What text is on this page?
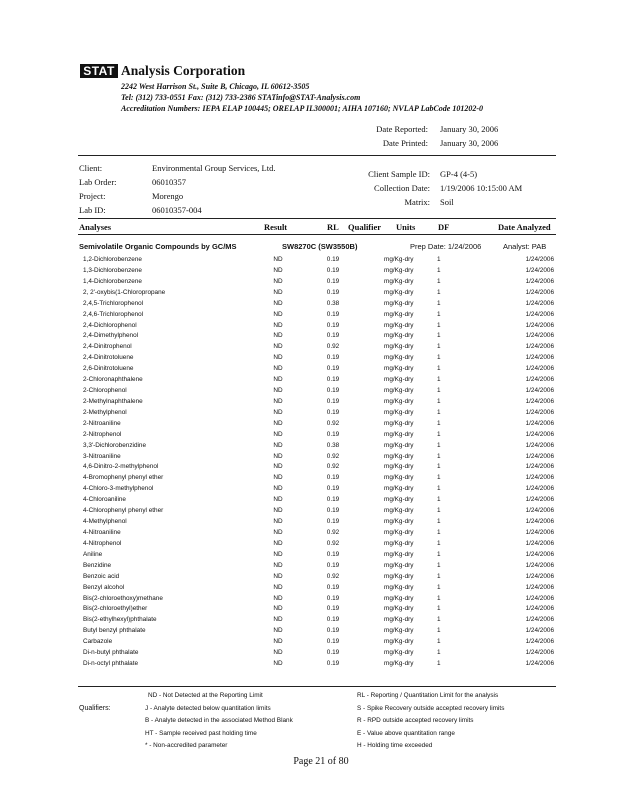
STAT Analysis Corporation
2242 West Harrison St., Suite B, Chicago, IL 60612-3505
Tel: (312) 733-0551 Fax: (312) 733-2386 STATinfo@STAT-Analysis.com
Accreditation Numbers: IEPA ELAP 100445; ORELAP IL300001; AIHA 107160; NVLAP LabCode 101202-0
Date Reported: January 30, 2006
Date Printed: January 30, 2006
Client:	Environmental Group Services, Ltd.
Lab Order:	06010357
Project:	Morengo
Lab ID:	06010357-004
Client Sample ID: GP-4 (4-5)
Collection Date: 1/19/2006 10:15:00 AM
Matrix: Soil
Analyses	Result	RL Qualifier Units	DF	Date Analyzed
Semivolatile Organic Compounds by GC/MS	SW8270C (SW3550B)	Prep Date: 1/24/2006	Analyst: PAB
1,2-Dichlorobenzene	ND	0.19	mg/Kg-dry	1	1/24/2006
1,3-Dichlorobenzene	ND	0.19	mg/Kg-dry	1	1/24/2006
1,4-Dichlorobenzene	ND	0.19	mg/Kg-dry	1	1/24/2006
2, 2'-oxybis(1-Chloropropane	ND	0.19	mg/Kg-dry	1	1/24/2006
2,4,5-Trichlorophenol	ND	0.38	mg/Kg-dry	1	1/24/2006
2,4,6-Trichlorophenol	ND	0.19	mg/Kg-dry	1	1/24/2006
2,4-Dichlorophenol	ND	0.19	mg/Kg-dry	1	1/24/2006
2,4-Dimethylphenol	ND	0.19	mg/Kg-dry	1	1/24/2006
2,4-Dinitrophenol	ND	0.92	mg/Kg-dry	1	1/24/2006
2,4-Dinitrotoluene	ND	0.19	mg/Kg-dry	1	1/24/2006
2,6-Dinitrotoluene	ND	0.19	mg/Kg-dry	1	1/24/2006
2-Chloronaphthalene	ND	0.19	mg/Kg-dry	1	1/24/2006
2-Chlorophenol	ND	0.19	mg/Kg-dry	1	1/24/2006
2-Methylnaphthalene	ND	0.19	mg/Kg-dry	1	1/24/2006
2-Methylphenol	ND	0.19	mg/Kg-dry	1	1/24/2006
2-Nitroaniline	ND	0.92	mg/Kg-dry	1	1/24/2006
2-Nitrophenol	ND	0.19	mg/Kg-dry	1	1/24/2006
3,3'-Dichlorobenzidine	ND	0.38	mg/Kg-dry	1	1/24/2006
3-Nitroaniline	ND	0.92	mg/Kg-dry	1	1/24/2006
4,6-Dinitro-2-methylphenol	ND	0.92	mg/Kg-dry	1	1/24/2006
4-Bromophenyl phenyl ether	ND	0.19	mg/Kg-dry	1	1/24/2006
4-Chloro-3-methylphenol	ND	0.19	mg/Kg-dry	1	1/24/2006
4-Chloroaniline	ND	0.19	mg/Kg-dry	1	1/24/2006
4-Chlorophenyl phenyl ether	ND	0.19	mg/Kg-dry	1	1/24/2006
4-Methylphenol	ND	0.19	mg/Kg-dry	1	1/24/2006
4-Nitroaniline	ND	0.92	mg/Kg-dry	1	1/24/2006
4-Nitrophenol	ND	0.92	mg/Kg-dry	1	1/24/2006
Aniline	ND	0.19	mg/Kg-dry	1	1/24/2006
Benzidine	ND	0.19	mg/Kg-dry	1	1/24/2006
Benzoic acid	ND	0.92	mg/Kg-dry	1	1/24/2006
Benzyl alcohol	ND	0.19	mg/Kg-dry	1	1/24/2006
Bis(2-chloroethoxy)methane	ND	0.19	mg/Kg-dry	1	1/24/2006
Bis(2-chloroethyl)ether	ND	0.19	mg/Kg-dry	1	1/24/2006
Bis(2-ethylhexyl)phthalate	ND	0.19	mg/Kg-dry	1	1/24/2006
Butyl benzyl phthalate	ND	0.19	mg/Kg-dry	1	1/24/2006
Carbazole	ND	0.19	mg/Kg-dry	1	1/24/2006
Di-n-butyl phthalate	ND	0.19	mg/Kg-dry	1	1/24/2006
Di-n-octyl phthalate	ND	0.19	mg/Kg-dry	1	1/24/2006
Qualifiers:
ND - Not Detected at the Reporting Limit
J - Analyte detected below quantitation limits
B - Analyte detected in the associated Method Blank
HT - Sample received past holding time
* - Non-accredited parameter
RL - Reporting / Quantitation Limit for the analysis
S - Spike Recovery outside accepted recovery limits
R - RPD outside accepted recovery limits
E - Value above quantitation range
H - Holding time exceeded
Page 21 of 80
